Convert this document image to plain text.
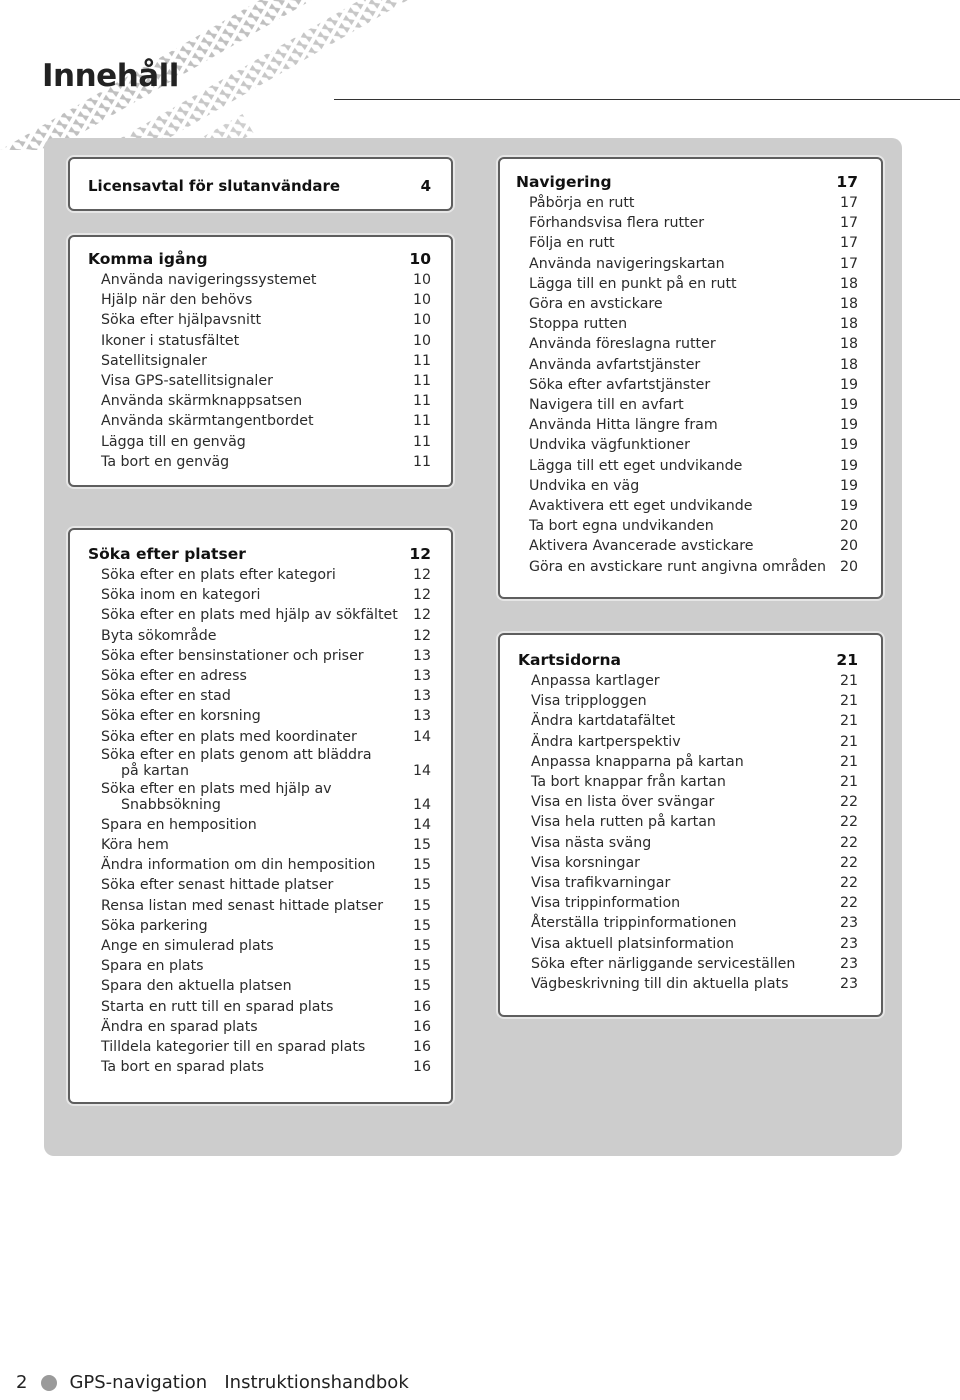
Innehåll
Licensavtal för slutanvändare	4
Komma igång	10
Använda navigeringssystemet	10
Hjälp när den behövs	10
Söka efter hjälpavsnitt	10
Ikoner i statusfältet	10
Satellitsignaler	11
Visa GPS-satellitsignaler	11
Använda skärmknappsatsen	11
Använda skärmtangentbordet	11
Lägga till en genväg	11
Ta bort en genväg	11
Söka efter platser	12
Söka efter en plats efter kategori	12
Söka inom en kategori	12
Söka efter en plats med hjälp av sökfältet	12
Byta sökområde	12
Söka efter bensinstationer och priser	13
Söka efter en adress	13
Söka efter en stad	13
Söka efter en korsning	13
Söka efter en plats med koordinater	14
Söka efter en plats genom att bläddra
på kartan	14
Söka efter en plats med hjälp av
Snabbsökning	14
Spara en hemposition	14
Köra hem	15
Ändra information om din hemposition	15
Söka efter senast hittade platser	15
Rensa listan med senast hittade platser	15
Söka parkering	15
Ange en simulerad plats	15
Spara en plats	15
Spara den aktuella platsen	15
Starta en rutt till en sparad plats	16
Ändra en sparad plats	16
Tilldela kategorier till en sparad plats	16
Ta bort en sparad plats	16
Navigering	17
Påbörja en rutt	17
Förhandsvisa flera rutter	17
Följa en rutt	17
Använda navigeringskartan	17
Lägga till en punkt på en rutt	18
Göra en avstickare	18
Stoppa rutten	18
Använda föreslagna rutter	18
Använda avfartstjänster	18
Söka efter avfartstjänster	19
Navigera till en avfart	19
Använda Hitta längre fram	19
Undvika vägfunktioner	19
Lägga till ett eget undvikande	19
Undvika en väg	19
Avaktivera ett eget undvikande	19
Ta bort egna undvikanden	20
Aktivera Avancerade avstickare	20
Göra en avstickare runt angivna områden 20
Kartsidorna	21
Anpassa kartlager	21
Visa tripploggen	21
Ändra kartdatafältet	21
Ändra kartperspektiv	21
Anpassa knapparna på kartan	21
Ta bort knappar från kartan	21
Visa en lista över svängar	22
Visa hela rutten på kartan	22
Visa nästa sväng	22
Visa korsningar	22
Visa trafikvarningar	22
Visa trippinformation	22
Återställa trippinformationen	23
Visa aktuell platsinformation	23
Söka efter närliggande serviceställen	23
Vägbeskrivning till din aktuella plats	23
2 GPS-navigation   Instruktionshandbok
